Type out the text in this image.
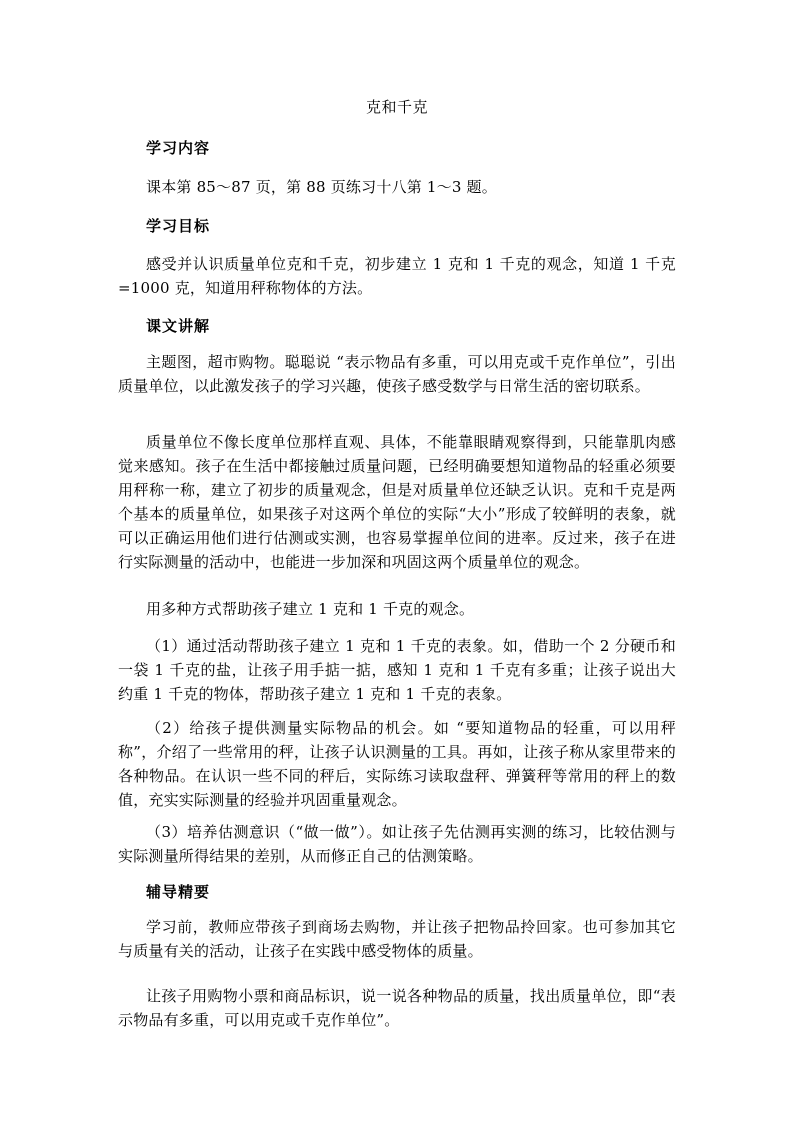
克和千克
学习内容
课本第 85～87 页，第 88 页练习十八第 1～3 题。
学习目标
感受并认识质量单位克和千克，初步建立 1 克和 1 千克的观念，知道 1 千克=1000 克，知道用秤称物体的方法。
课文讲解
主题图，超市购物。聪聪说 “表示物品有多重，可以用克或千克作单位”，引出质量单位，以此激发孩子的学习兴趣，使孩子感受数学与日常生活的密切联系。
质量单位不像长度单位那样直观、具体，不能靠眼睛观察得到，只能靠肌肉感觉来感知。孩子在生活中都接触过质量问题，已经明确要想知道物品的轻重必须要用秤称一称，建立了初步的质量观念，但是对质量单位还缺乏认识。克和千克是两个基本的质量单位，如果孩子对这两个单位的实际“大小”形成了较鲜明的表象，就可以正确运用他们进行估测或实测，也容易掌握单位间的进率。反过来，孩子在进行实际测量的活动中，也能进一步加深和巩固这两个质量单位的观念。
用多种方式帮助孩子建立 1 克和 1 千克的观念。
（1）通过活动帮助孩子建立 1 克和 1 千克的表象。如，借助一个 2 分硬币和一袋 1 千克的盐，让孩子用手掂一掂，感知 1 克和 1 千克有多重；让孩子说出大约重 1 千克的物体，帮助孩子建立 1 克和 1 千克的表象。
（2）给孩子提供测量实际物品的机会。如 “要知道物品的轻重，可以用秤称”，介绍了一些常用的秤，让孩子认识测量的工具。再如，让孩子称从家里带来的各种物品。在认识一些不同的秤后，实际练习读取盘秤、弹簧秤等常用的秤上的数值，充实实际测量的经验并巩固重量观念。
（3）培养估测意识（“做一做”）。如让孩子先估测再实测的练习，比较估测与实际测量所得结果的差别，从而修正自己的估测策略。
辅导精要
学习前，教师应带孩子到商场去购物，并让孩子把物品拎回家。也可参加其它与质量有关的活动，让孩子在实践中感受物体的质量。
让孩子用购物小票和商品标识，说一说各种物品的质量，找出质量单位，即“表示物品有多重，可以用克或千克作单位”。
